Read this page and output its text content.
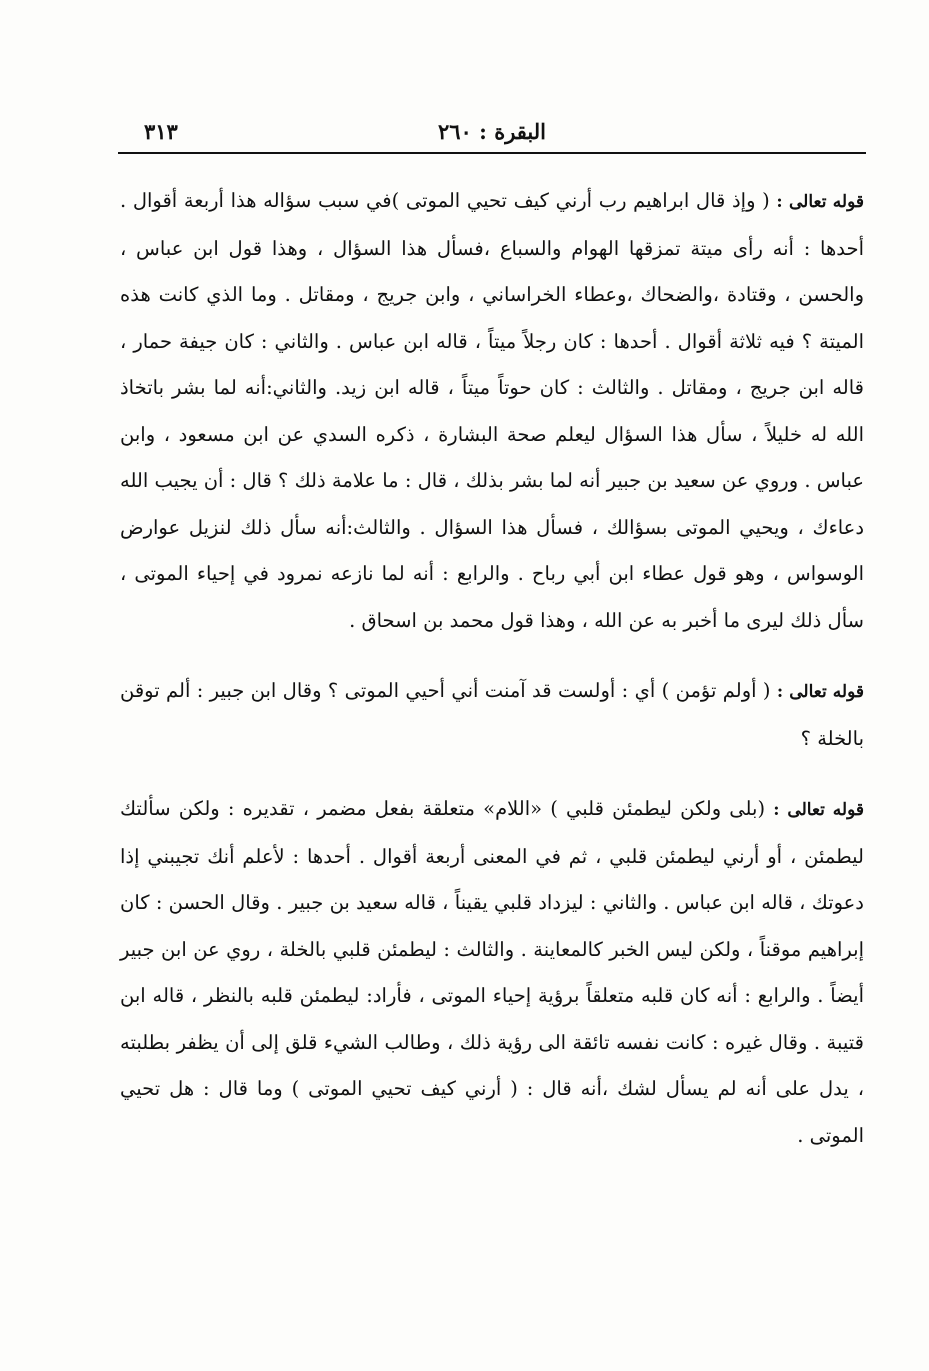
البقرة : ٢٦٠
٣١٣

قوله تعالى : ( وإذ قال ابراهيم رب أرني كيف تحيي الموتى )في سبب سؤاله هذا أربعة أقوال . أحدها : أنه رأى ميتة تمزقها الهوام والسباع ،فسأل هذا السؤال ، وهذا قول ابن عباس ، والحسن ، وقتادة ،والضحاك ،وعطاء الخراساني ، وابن جريج ، ومقاتل . وما الذي كانت هذه الميتة ؟ فيه ثلاثة أقوال . أحدها : كان رجلاً ميتاً ، قاله ابن عباس . والثاني : كان جيفة حمار ، قاله ابن جريج ، ومقاتل . والثالث : كان حوتاً ميتاً ، قاله ابن زيد. والثاني:أنه لما بشر باتخاذ الله له خليلاً ، سأل هذا السؤال ليعلم صحة البشارة ، ذكره السدي عن ابن مسعود ، وابن عباس . وروي عن سعيد بن جبير أنه لما بشر بذلك ، قال : ما علامة ذلك ؟ قال : أن يجيب الله دعاءك ، ويحيي الموتى بسؤالك ، فسأل هذا السؤال . والثالث:أنه سأل ذلك لنزيل عوارض الوسواس ، وهو قول عطاء ابن أبي رباح . والرابع : أنه لما نازعه نمرود في إحياء الموتى ، سأل ذلك ليرى ما أخبر به عن الله ، وهذا قول محمد بن اسحاق .

قوله تعالى : ( أولم تؤمن ) أي : أولست قد آمنت أني أحيي الموتى ؟ وقال ابن جبير : ألم توقن بالخلة ؟

قوله تعالى : (بلى ولكن ليطمئن قلبي ) «اللام» متعلقة بفعل مضمر ، تقديره : ولكن سألتك ليطمئن ، أو أرني ليطمئن قلبي ، ثم في المعنى أربعة أقوال . أحدها : لأعلم أنك تجيبني إذا دعوتك ، قاله ابن عباس . والثاني : ليزداد قلبي يقيناً ، قاله سعيد بن جبير . وقال الحسن : كان إبراهيم موقناً ، ولكن ليس الخبر كالمعاينة . والثالث : ليطمئن قلبي بالخلة ، روي عن ابن جبير أيضاً . والرابع : أنه كان قلبه متعلقاً برؤية إحياء الموتى ، فأراد: ليطمئن قلبه بالنظر ، قاله ابن قتيبة . وقال غيره : كانت نفسه تائقة الى رؤية ذلك ، وطالب الشيء قلق إلى أن يظفر بطلبته ، يدل على أنه لم يسأل لشك ،أنه قال : ( أرني كيف تحيي الموتى ) وما قال : هل تحيي الموتى .
